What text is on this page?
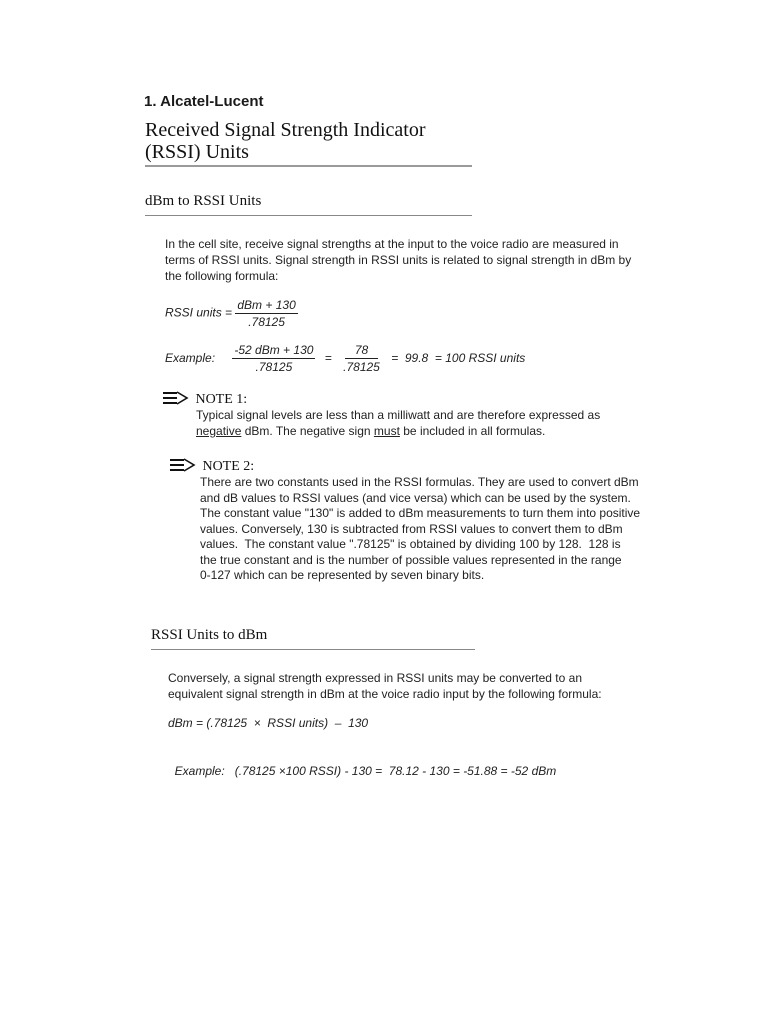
1. Alcatel-Lucent
Received Signal Strength Indicator
(RSSI) Units
dBm to RSSI Units
In the cell site, receive signal strengths at the input to the voice radio are measured in terms of RSSI units. Signal strength in RSSI units is related to signal strength in dBm by the following formula:
RSSI units = $\frac{\text{dBm + 130}}{.78125}$
Example: $\frac{\text{-52 dBm + 130}}{.78125} = \frac{78}{.78125} = 99.8 = 100$ RSSI units
NOTE 1:
Typical signal levels are less than a milliwatt and are therefore expressed as
negative dBm. The negative sign must be included in all formulas.
NOTE 2:
There are two constants used in the RSSI formulas. They are used to convert dBm
and dB values to RSSI values (and vice versa) which can be used by the system.
The constant value "130" is added to dBm measurements to turn them into positive
values. Conversely, 130 is subtracted from RSSI values to convert them to dBm
values.  The constant value ".78125" is obtained by dividing 100 by 128.  128 is
the true constant and is the number of possible values represented in the range
0-127 which can be represented by seven binary bits.
RSSI Units to dBm
Conversely, a signal strength expressed in RSSI units may be converted to an
equivalent signal strength in dBm at the voice radio input by the following formula:
dBm = (.78125  ×  RSSI units)  –  130

Example: (.78125 ×100 RSSI) - 130 =  78.12 - 130 = -51.88 = -52 dBm
